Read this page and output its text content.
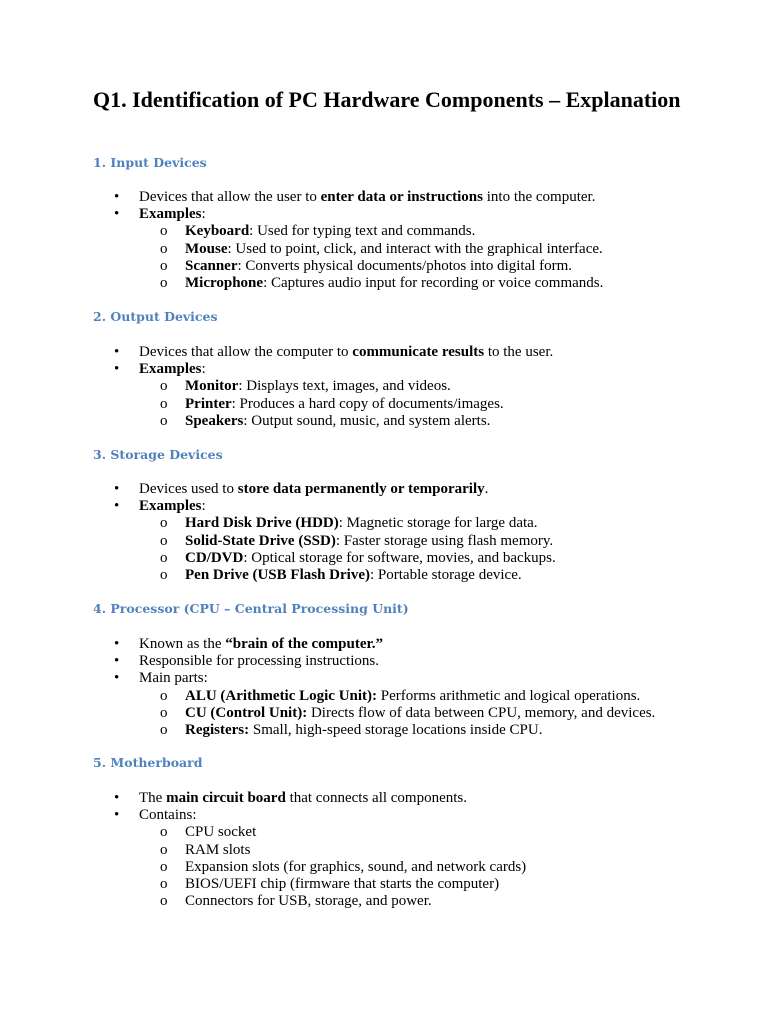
Q1. Identification of PC Hardware Components – Explanation
1. Input Devices
• Devices that allow the user to enter data or instructions into the computer.
• Examples:
o Keyboard: Used for typing text and commands.
o Mouse: Used to point, click, and interact with the graphical interface.
o Scanner: Converts physical documents/photos into digital form.
o Microphone: Captures audio input for recording or voice commands.
2. Output Devices
• Devices that allow the computer to communicate results to the user.
• Examples:
o Monitor: Displays text, images, and videos.
o Printer: Produces a hard copy of documents/images.
o Speakers: Output sound, music, and system alerts.
3. Storage Devices
• Devices used to store data permanently or temporarily.
• Examples:
o Hard Disk Drive (HDD): Magnetic storage for large data.
o Solid-State Drive (SSD): Faster storage using flash memory.
o CD/DVD: Optical storage for software, movies, and backups.
o Pen Drive (USB Flash Drive): Portable storage device.
4. Processor (CPU – Central Processing Unit)
• Known as the “brain of the computer.”
• Responsible for processing instructions.
• Main parts:
o ALU (Arithmetic Logic Unit): Performs arithmetic and logical operations.
o CU (Control Unit): Directs flow of data between CPU, memory, and devices.
o Registers: Small, high-speed storage locations inside CPU.
5. Motherboard
• The main circuit board that connects all components.
• Contains:
o CPU socket
o RAM slots
o Expansion slots (for graphics, sound, and network cards)
o BIOS/UEFI chip (firmware that starts the computer)
o Connectors for USB, storage, and power.
